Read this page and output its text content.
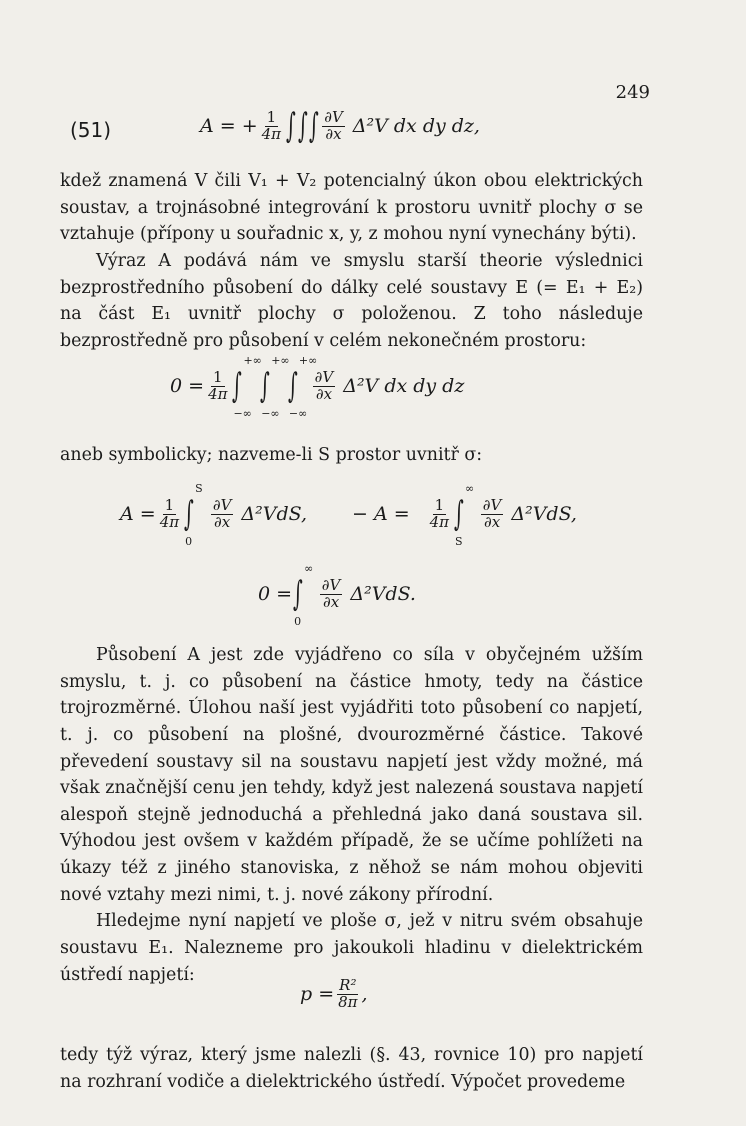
249
(51)	A = + $\frac{1}{4\pi}$ ∫ ∫ ∫ $\frac{\partial V}{\partial x} \Delta^2V$ dx dy dz,

kdež znamená V čili V₁ + V₂ potencialný úkon obou elektrických soustav, a trojnásobné integrování k prostoru uvnitř plochy σ se vztahuje (přípony u souřadnic x, y, z mohou nyní vynechány býti).

Výraz A podává nám ve smyslu starší theorie výslednici bezprostředního působení do dálky celé soustavy E (= E₁ + E₂) na část E₁ uvnitř plochy σ položenou. Z toho následuje bezprostředně pro působení v celém nekonečném prostoru:

$0 = \frac{1}{4\pi}$ ∫
+∞
−∞
∫
+∞
−∞
∫
+∞
−∞
$\frac{\partial V}{\partial x} \Delta^2V$ dx dy dz

aneb symbolicky; nazveme-li S prostor uvnitř σ:

$A = \frac{1}{4\pi}$ ∫
S
0
$\frac{\partial V}{\partial x} \Delta^2VdS$, − $A = \frac{1}{4\pi}$ ∫
∞
S
$\frac{\partial V}{\partial x} \Delta^2VdS$,
0 = ∫
∞
0
$\frac{\partial V}{\partial x} \Delta^2VdS$.

Působení A jest zde vyjádřeno co síla v obyčejném užším smyslu, t. j. co působení na částice hmoty, tedy na částice trojrozměrné. Úlohou naší jest vyjádřiti toto působení co napjetí, t. j. co působení na plošné, dvourozměrné částice. Takové převedení soustavy sil na soustavu napjetí jest vždy možné, má však značnější cenu jen tehdy, když jest nalezená soustava napjetí alespoň stejně jednoduchá a přehledná jako daná soustava sil. Výhodou jest ovšem v každém případě, že se učíme pohlížeti na úkazy též z jiného stanoviska, z něhož se nám mohou objeviti nové vztahy mezi nimi, t. j. nové zákony přírodní.

Hledejme nyní napjetí ve ploše σ, jež v nitru svém obsahuje soustavu E₁. Nalezneme pro jakoukoli hladinu v dielektrickém ústředí napjetí:

$p = \frac{\text{R²}}{8\pi}$ ,

tedy týž výraz, který jsme nalezli (§. 43, rovnice 10) pro napjetí na rozhraní vodiče a dielektrického ústředí. Výpočet provedeme
